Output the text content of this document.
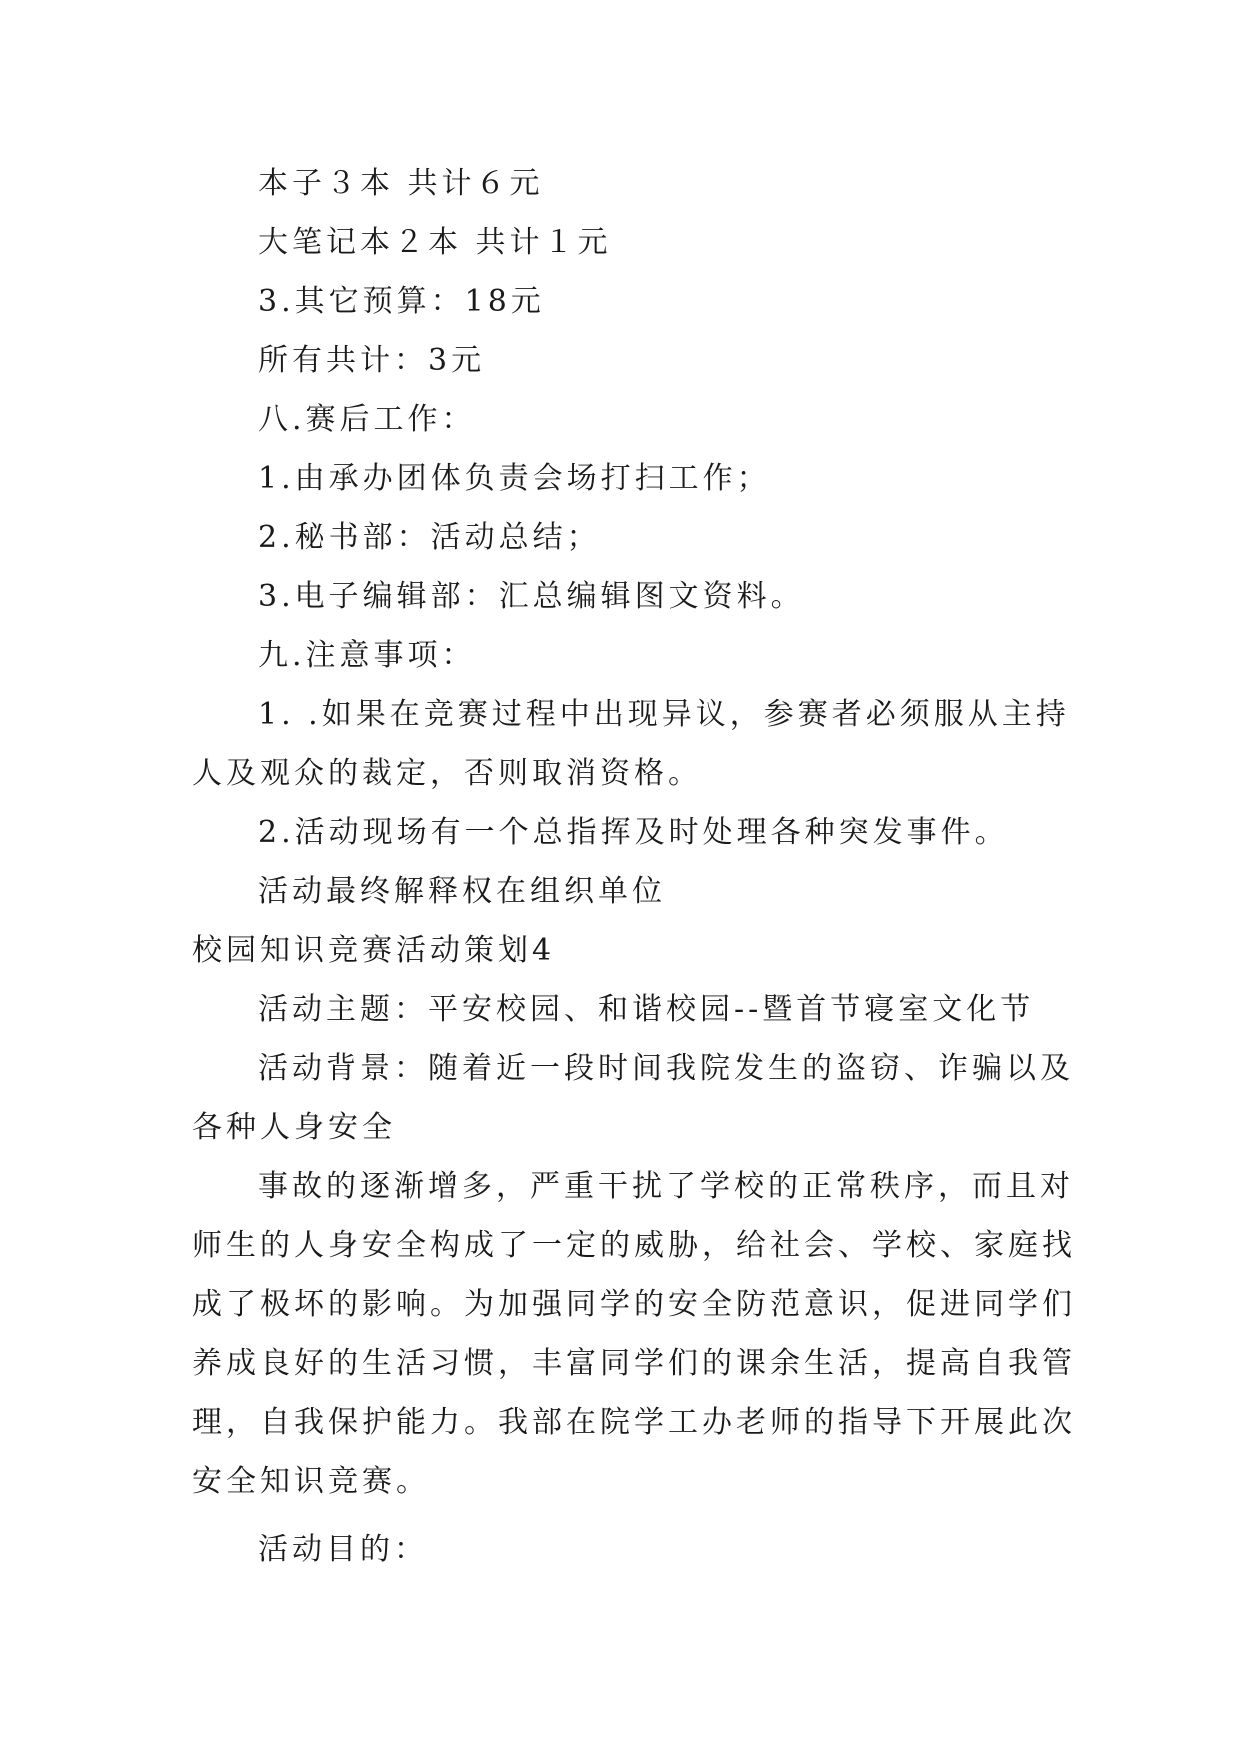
本子３本 共计６元
大笔记本２本 共计１元
3.其它预算：18元
所有共计：3元
八.赛后工作：
1.由承办团体负责会场打扫工作；
2.秘书部：活动总结；
3.电子编辑部：汇总编辑图文资料。
九.注意事项：
1. .如果在竞赛过程中出现异议，参赛者必须服从主持
人及观众的裁定，否则取消资格。
2.活动现场有一个总指挥及时处理各种突发事件。
活动最终解释权在组织单位
校园知识竞赛活动策划4
活动主题：平安校园、和谐校园--暨首节寝室文化节
活动背景：随着近一段时间我院发生的盗窃、诈骗以及
各种人身安全
事故的逐渐增多，严重干扰了学校的正常秩序，而且对
师生的人身安全构成了一定的威胁，给社会、学校、家庭找
成了极坏的影响。为加强同学的安全防范意识，促进同学们
养成良好的生活习惯，丰富同学们的课余生活，提高自我管
理，自我保护能力。我部在院学工办老师的指导下开展此次
安全知识竞赛。
活动目的：
